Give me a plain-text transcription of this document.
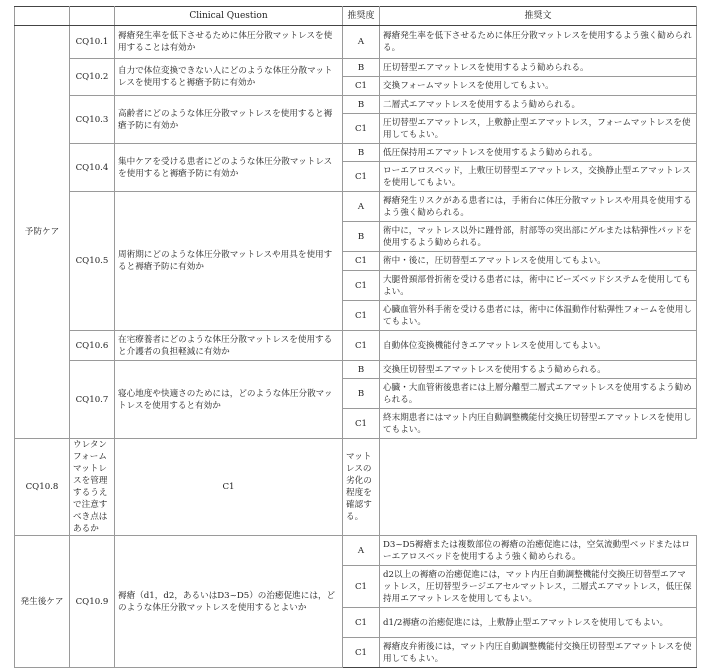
		Clinical Question	推奨度	推奨文
予防ケア	CQ10.1	褥瘡発生率を低下させるために体圧分散マットレスを使用することは有効か	A	褥瘡発生率を低下させるために体圧分散マットレスを使用するよう強く勧められる。
	CQ10.2	自力で体位変換できない人にどのような体圧分散マットレスを使用すると褥瘡予防に有効か	B	圧切替型エアマットレスを使用するよう勧められる。
			C1	交換フォームマットレスを使用してもよい。
	CQ10.3	高齢者にどのような体圧分散マットレスを使用すると褥瘡予防に有効か	B	二層式エアマットレスを使用するよう勧められる。
			C1	圧切替型エアマットレス，上敷静止型エアマットレス，フォームマットレスを使用してもよい。
	CQ10.4	集中ケアを受ける患者にどのような体圧分散マットレスを使用すると褥瘡予防に有効か	B	低圧保持用エアマットレスを使用するよう勧められる。
			C1	ローエアロスベッド，上敷圧切替型エアマットレス，交換静止型エアマットレスを使用してもよい。
	CQ10.5	周術期にどのような体圧分散マットレスや用具を使用すると褥瘡予防に有効か	A	褥瘡発生リスクがある患者には，手術台に体圧分散マットレスや用具を使用するよう強く勧められる。
			B	術中に，マットレス以外に踵骨部，肘部等の突出部にゲルまたは粘弾性パッドを使用するよう勧められる。
			C1	術中・後に，圧切替型エアマットレスを使用してもよい。
			C1	大腿骨頚部骨折術を受ける患者には，術中にビーズベッドシステムを使用してもよい。
			C1	心臓血管外科手術を受ける患者には，術中に体温動作付粘弾性フォームを使用してもよい。
	CQ10.6	在宅療養者にどのような体圧分散マットレスを使用すると介護者の負担軽減に有効か	C1	自動体位変換機能付きエアマットレスを使用してもよい。
	CQ10.7	寝心地度や快適さのためには，どのような体圧分散マットレスを使用すると有効か	B	交換圧切替型エアマットレスを使用するよう勧められる。
			B	心臓・大血管術後患者には上層分離型二層式エアマットレスを使用するよう勧められる。
			C1	終末期患者にはマット内圧自動調整機能付交換圧切替型エアマットレスを使用してもよい。
CQ10.8	ウレタンフォームマットレスを管理するうえで注意すべき点はあるか	C1	マットレスの劣化の程度を確認する。	
発生後ケア	CQ10.9	褥瘡（d1，d2，あるいはD3~D5）の治癒促進には，どのような体圧分散マットレスを使用するとよいか	A	D3~D5褥瘡または複数部位の褥瘡の治癒促進には，空気流動型ベッドまたはローエアロスベッドを使用するよう強く勧められる。
			C1	d2以上の褥瘡の治癒促進には，マット内圧自動調整機能付交換圧切替型エアマットレス，圧切替型ラージエアセルマットレス，二層式エアマットレス，低圧保持用エアマットレスを使用してもよい。
			C1	d1/2褥瘡の治癒促進には，上敷静止型エアマットレスを使用してもよい。
			C1	褥瘡皮弁術後には，マット内圧自動調整機能付交換圧切替型エアマットレスを使用してもよい。
